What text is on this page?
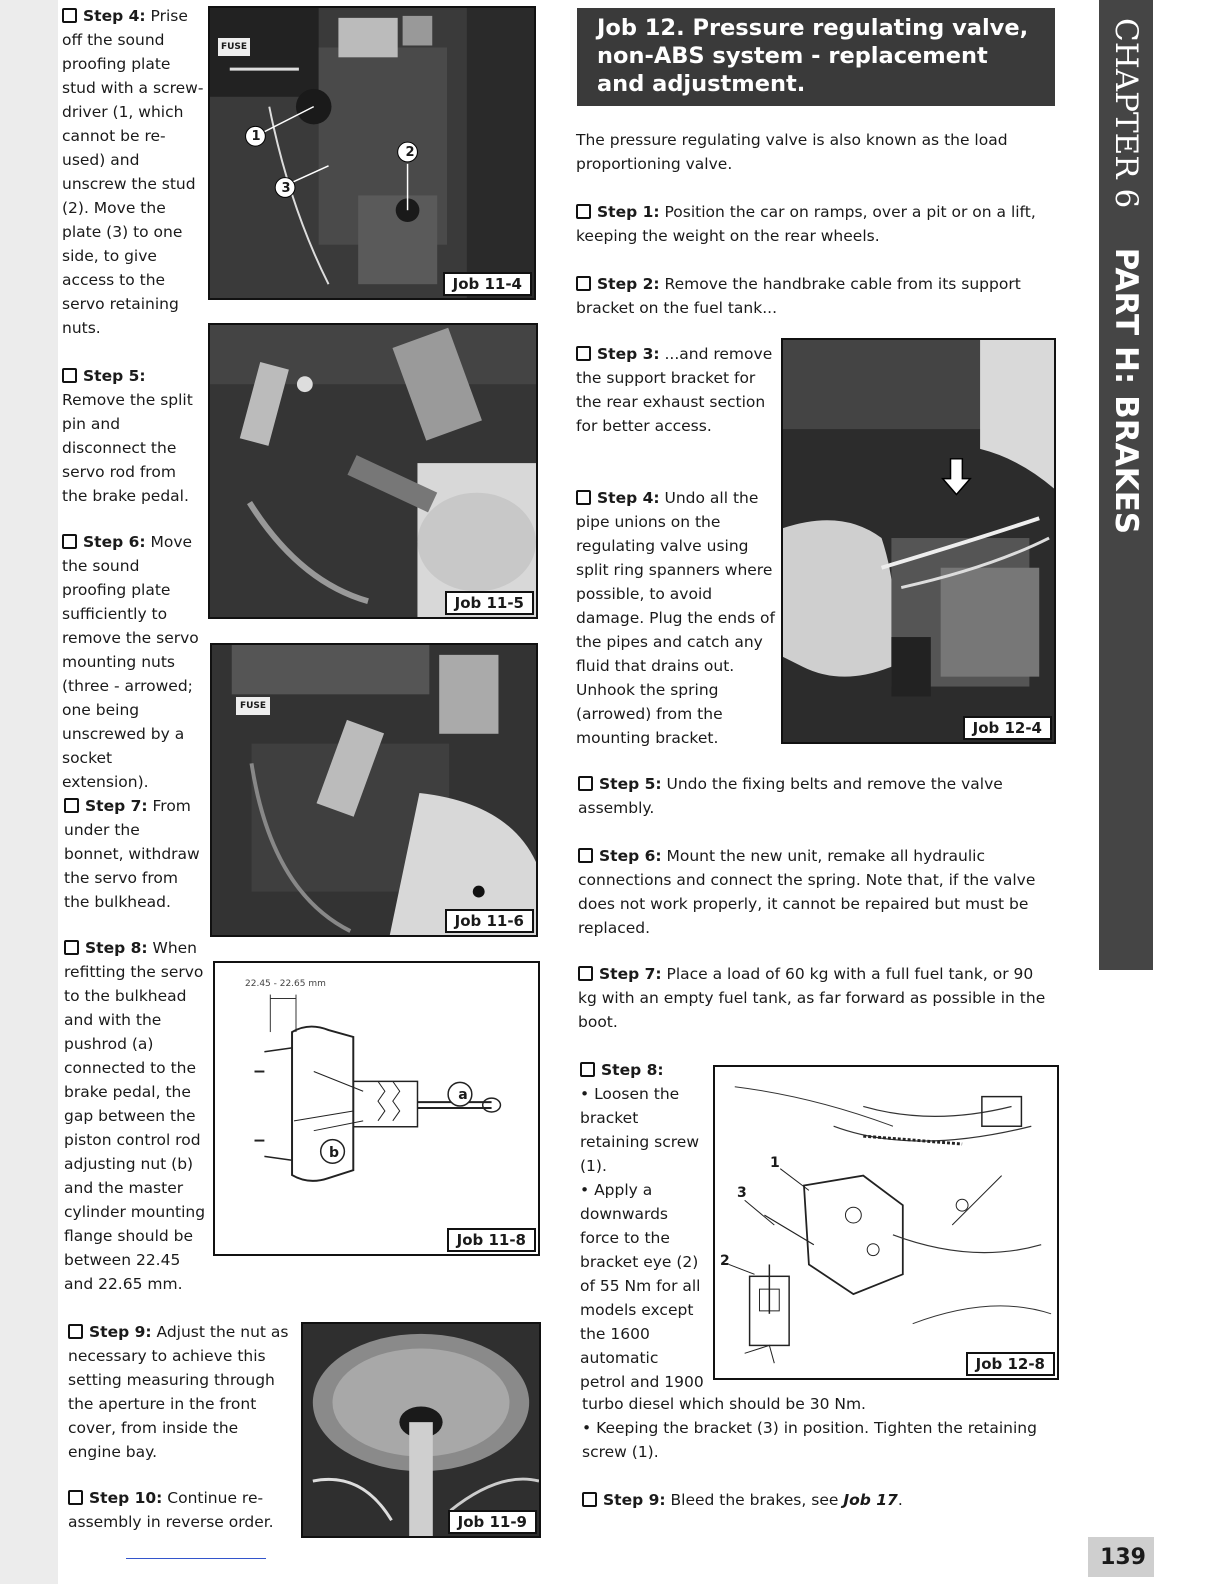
Step 4: Prise off the sound proofing plate stud with a screw-driver (1, which cannot be re-used) and unscrew the stud (2). Move the plate (3) to one side, to give access to the servo retaining nuts.

Step 5: Remove the split pin and disconnect the servo rod from the brake pedal.

Step 6: Move the sound proofing plate sufficiently to remove the servo mounting nuts (three - arrowed; one being unscrewed by a socket extension).

Step 7: From under the bonnet, withdraw the servo from the bulkhead.

Step 8: When refitting the servo to the bulkhead and with the pushrod (a) connected to the brake pedal, the gap between the piston control rod adjusting nut (b) and the master cylinder mounting flange should be between 22.45 and 22.65 mm.

Step 9: Adjust the nut as necessary to achieve this setting measuring through the aperture in the front cover, from inside the engine bay.

Step 10: Continue re-assembly in reverse order.

FUSE
1
2
3
Job 11-4
Job 11-5
FUSE
Job 11-6
22.45 - 22.65 mm
a
b
Job 11-8
Job 11-9
Job 12. Pressure regulating valve, non-ABS system - replacement and adjustment.

The pressure regulating valve is also known as the load proportioning valve.

Step 1: Position the car on ramps, over a pit or on a lift, keeping the weight on the rear wheels.

Step 2: Remove the handbrake cable from its support bracket on the fuel tank...

Step 3: ...and remove the support bracket for the rear exhaust section for better access.

Step 4: Undo all the pipe unions on the regulating valve using split ring spanners where possible, to avoid damage. Plug the ends of the pipes and catch any fluid that drains out. Unhook the spring (arrowed) from the mounting bracket.

Job 12-4

Step 5: Undo the fixing belts and remove the valve assembly.

Step 6: Mount the new unit, remake all hydraulic connections and connect the spring. Note that, if the valve does not work properly, it cannot be repaired but must be replaced.

Step 7: Place a load of 60 kg with a full fuel tank, or 90 kg with an empty fuel tank, as far forward as possible in the boot.

Step 8:
• Loosen the bracket retaining screw (1).
• Apply a downwards force to the bracket eye (2) of 55 Nm for all models except the 1600 automatic petrol and 1900
1
2
3
Job 12-8
turbo diesel which should be 30 Nm.
• Keeping the bracket (3) in position. Tighten the retaining screw (1).

Step 9: Bleed the brakes, see Job 17.

CHAPTER 6    PART H: BRAKES
139
